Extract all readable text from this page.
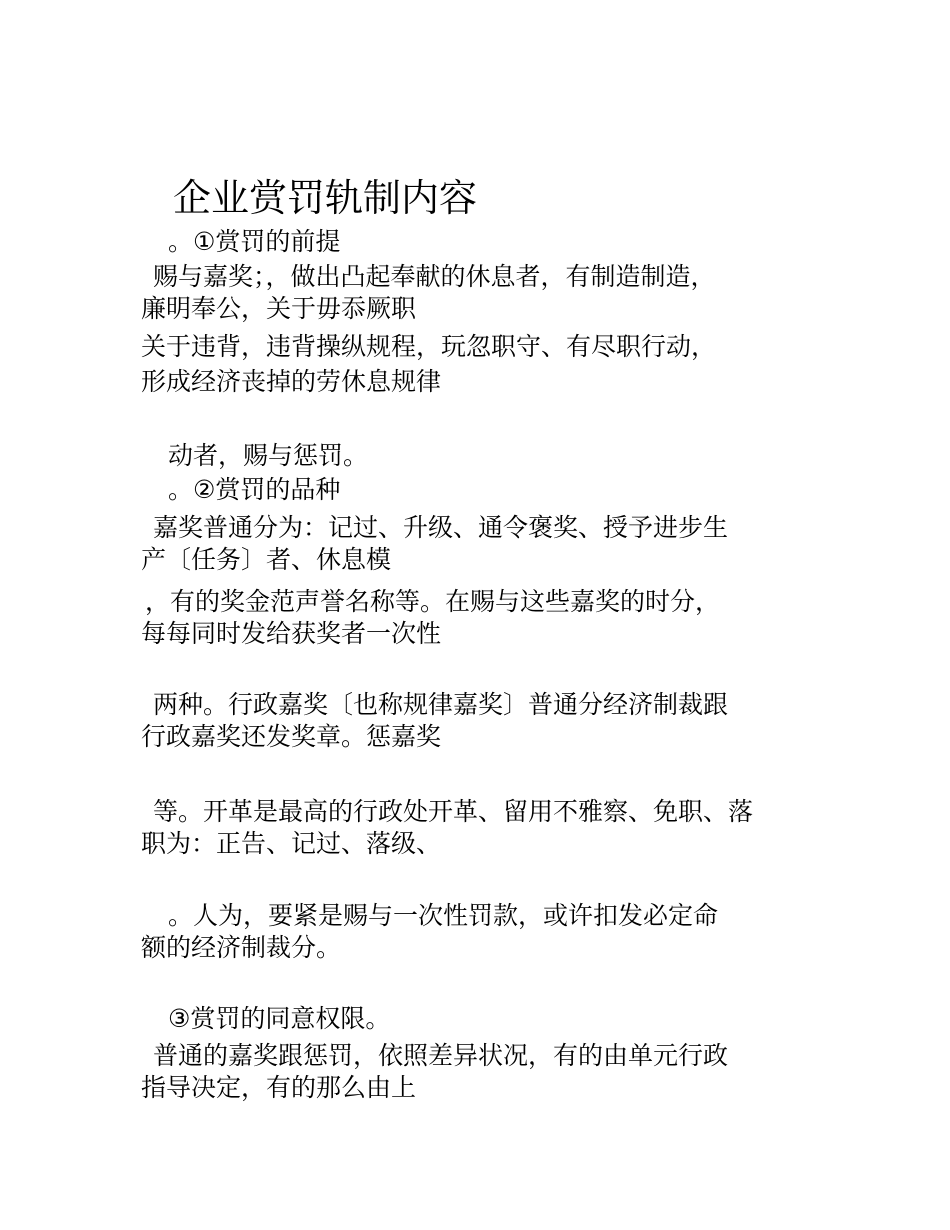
企业赏罚轨制内容
。①赏罚的前提
赐与嘉奖；，做出凸起奉献的休息者，有制造制造，
廉明奉公，关于毋忝厥职
关于违背，违背操纵规程，玩忽职守、有尽职行动，
形成经济丧掉的劳休息规律
动者，赐与惩罚。
。②赏罚的品种
嘉奖普通分为：记过、升级、通令褒奖、授予进步生
产〔任务〕者、休息模
，有的奖金范声誉名称等。在赐与这些嘉奖的时分，
每每同时发给获奖者一次性
两种。行政嘉奖〔也称规律嘉奖〕普通分经济制裁跟
行政嘉奖还发奖章。惩嘉奖
等。开革是最高的行政处开革、留用不雅察、免职、落
职为：正告、记过、落级、
。人为，要紧是赐与一次性罚款，或许扣发必定命
额的经济制裁分。
③赏罚的同意权限。
普通的嘉奖跟惩罚，依照差异状况，有的由单元行政
指导决定，有的那么由上
